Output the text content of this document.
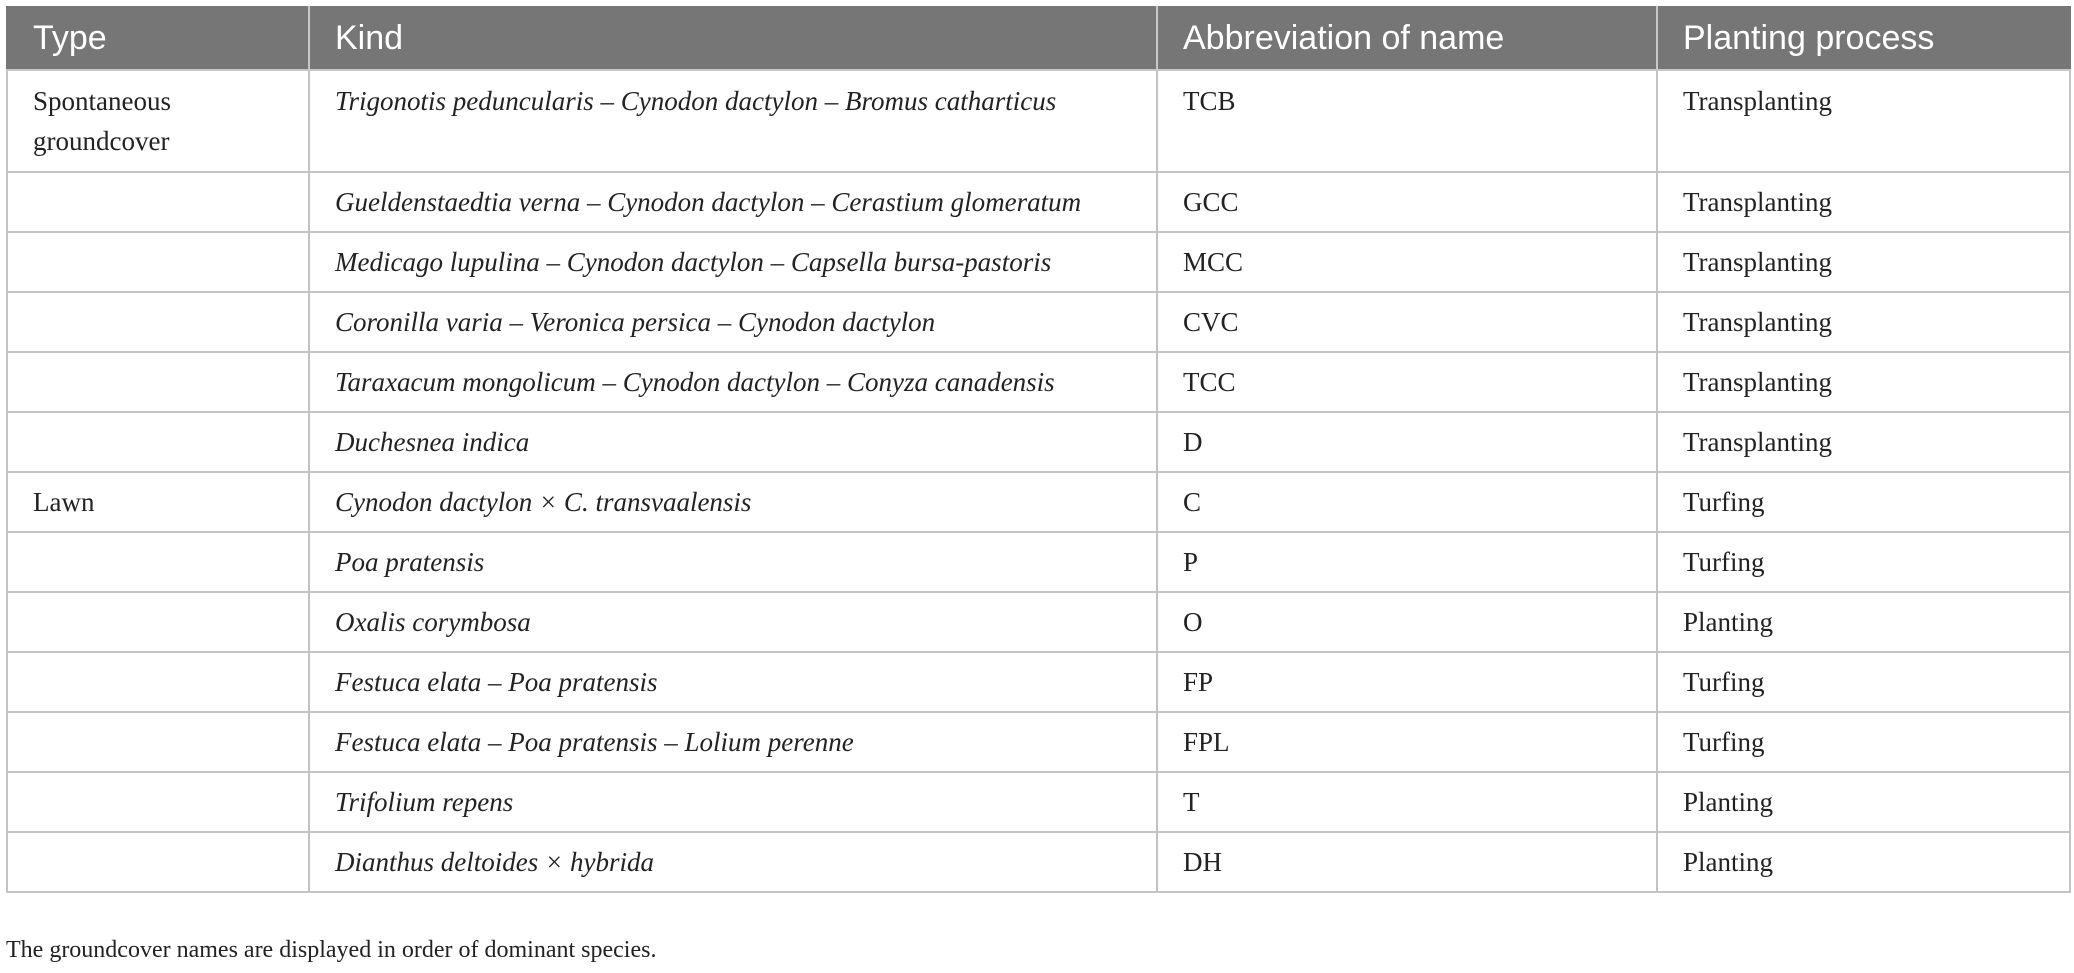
Type	Kind	Abbreviation of name	Planting process
Spontaneous groundcover	Trigonotis peduncularis – Cynodon dactylon – Bromus catharticus	TCB	Transplanting
	Gueldenstaedtia verna – Cynodon dactylon – Cerastium glomeratum	GCC	Transplanting
	Medicago lupulina – Cynodon dactylon – Capsella bursa-pastoris	MCC	Transplanting
	Coronilla varia – Veronica persica – Cynodon dactylon	CVC	Transplanting
	Taraxacum mongolicum – Cynodon dactylon – Conyza canadensis	TCC	Transplanting
	Duchesnea indica	D	Transplanting
Lawn	Cynodon dactylon × C. transvaalensis	C	Turfing
	Poa pratensis	P	Turfing
	Oxalis corymbosa	O	Planting
	Festuca elata – Poa pratensis	FP	Turfing
	Festuca elata – Poa pratensis – Lolium perenne	FPL	Turfing
	Trifolium repens	T	Planting
	Dianthus deltoides × hybrida	DH	Planting
The groundcover names are displayed in order of dominant species.
